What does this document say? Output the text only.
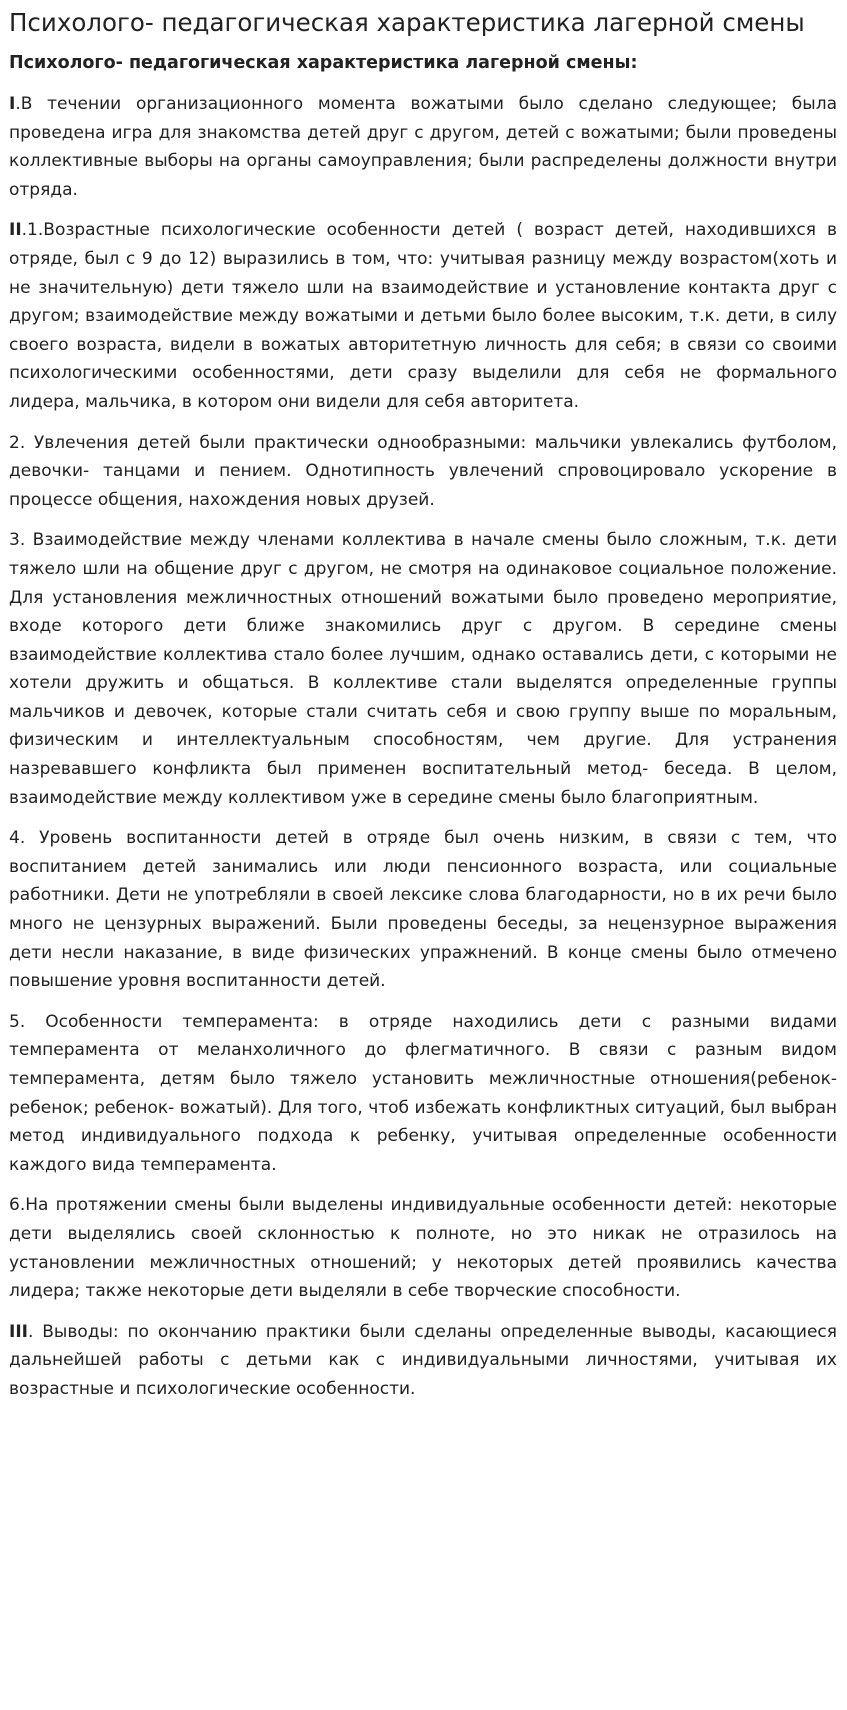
Психолого- педагогическая характеристика лагерной смены
Психолого- педагогическая характеристика лагерной смены:

I.В течении организационного момента вожатыми было сделано следующее; была проведена игра для знакомства детей друг с другом, детей с вожатыми; были проведены коллективные выборы на органы самоуправления; были распределены должности внутри отряда.

II.1.Возрастные психологические особенности детей ( возраст детей, находившихся в отряде, был с 9 до 12) выразились в том, что: учитывая разницу между возрастом(хоть и не значительную) дети тяжело шли на взаимодействие и установление контакта друг с другом; взаимодействие между вожатыми и детьми было более высоким, т.к. дети, в силу своего возраста, видели в вожатых авторитетную личность для себя; в связи со своими психологическими особенностями, дети сразу выделили для себя не формального лидера, мальчика, в котором они видели для себя авторитета.

2. Увлечения детей были практически однообразными: мальчики увлекались футболом, девочки- танцами и пением. Однотипность увлечений спровоцировало ускорение в процессе общения, нахождения новых друзей.

3. Взаимодействие между членами коллектива в начале смены было сложным, т.к. дети тяжело шли на общение друг с другом, не смотря на одинаковое социальное положение. Для установления межличностных отношений вожатыми было проведено мероприятие, входе которого дети ближе знакомились друг с другом. В середине смены взаимодействие коллектива стало более лучшим, однако оставались дети, с которыми не хотели дружить и общаться. В коллективе стали выделятся определенные группы мальчиков и девочек, которые стали считать себя и свою группу выше по моральным, физическим и интеллектуальным способностям, чем другие. Для устранения назревавшего конфликта был применен воспитательный метод- беседа. В целом, взаимодействие между коллективом уже в середине смены было благоприятным.

4. Уровень воспитанности детей в отряде был очень низким, в связи с тем, что воспитанием детей занимались или люди пенсионного возраста, или социальные работники. Дети не употребляли в своей лексике слова благодарности, но в их речи было много не цензурных выражений. Были проведены беседы, за нецензурное выражения дети несли наказание, в виде физических упражнений. В конце смены было отмечено повышение уровня воспитанности детей.

5. Особенности темперамента: в отряде находились дети с разными видами темперамента от меланхоличного до флегматичного. В связи с разным видом темперамента, детям было тяжело установить межличностные отношения(ребенок- ребенок; ребенок- вожатый). Для того, чтоб избежать конфликтных ситуаций, был выбран метод индивидуального подхода к ребенку, учитывая определенные особенности каждого вида темперамента.

6.На протяжении смены были выделены индивидуальные особенности детей: некоторые дети выделялись своей склонностью к полноте, но это никак не отразилось на установлении межличностных отношений; у некоторых детей проявились качества лидера; также некоторые дети выделяли в себе творческие способности.

III. Выводы: по окончанию практики были сделаны определенные выводы, касающиеся дальнейшей работы с детьми как с индивидуальными личностями, учитывая их возрастные и психологические особенности.
